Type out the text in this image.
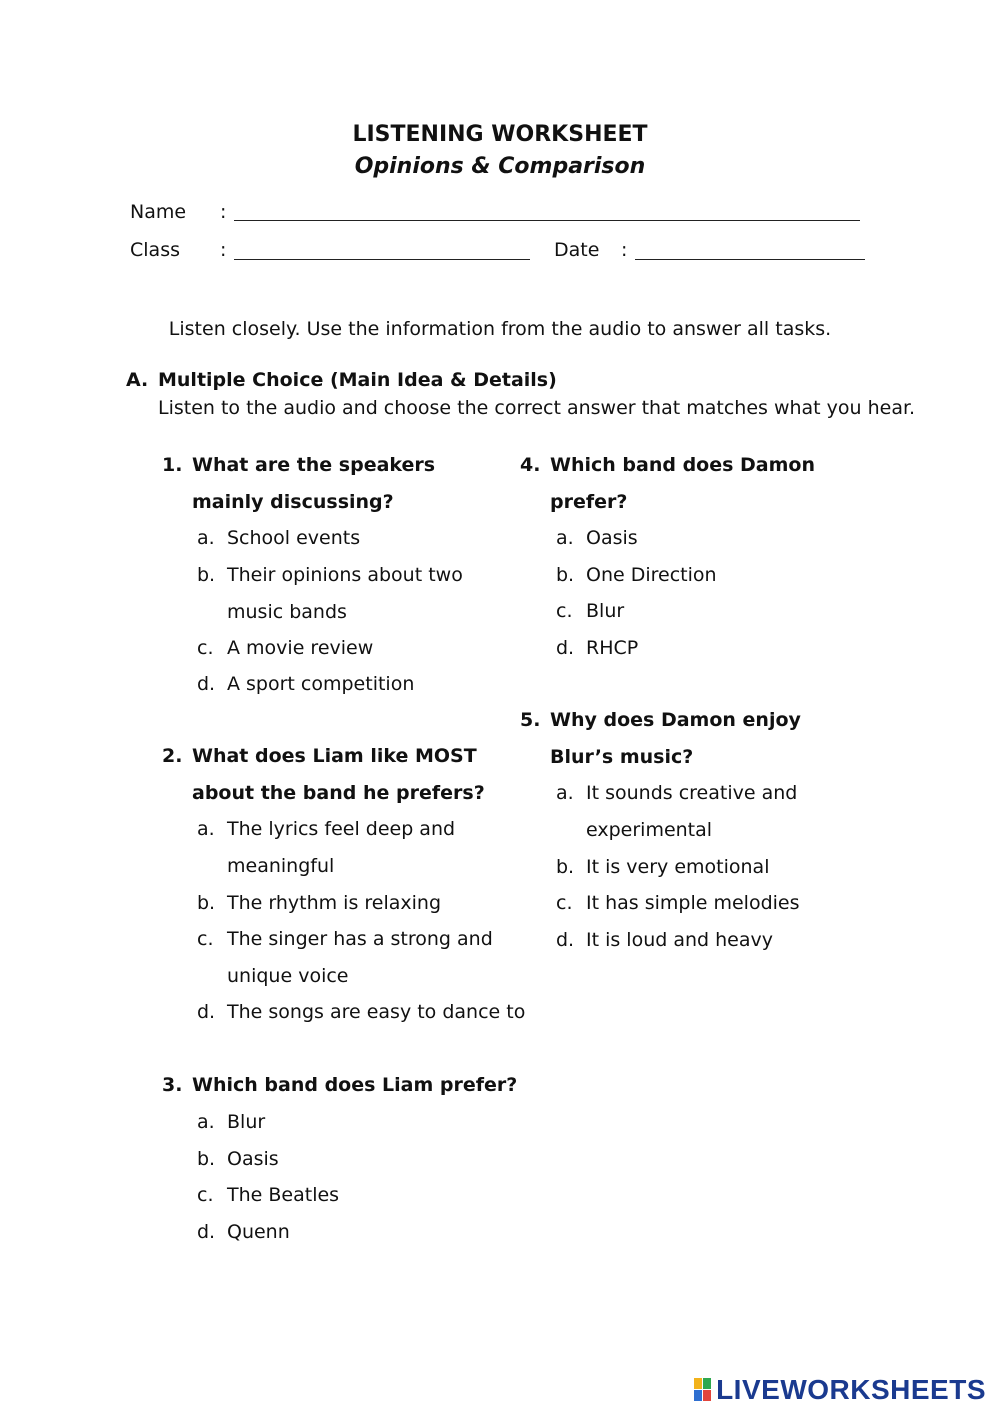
LISTENING WORKSHEET
Opinions & Comparison
Name :
Class :	Date :
Listen closely. Use the information from the audio to answer all tasks.
A. Multiple Choice (Main Idea & Details)
Listen to the audio and choose the correct answer that matches what you hear.
1. What are the speakers mainly discussing?
a. School events
b. Their opinions about two music bands
c. A movie review
d. A sport competition
2. What does Liam like MOST about the band he prefers?
a. The lyrics feel deep and meaningful
b. The rhythm is relaxing
c. The singer has a strong and unique voice
d. The songs are easy to dance to
3. Which band does Liam prefer?
a. Blur
b. Oasis
c. The Beatles
d. Quenn
4. Which band does Damon prefer?
a. Oasis
b. One Direction
c. Blur
d. RHCP
5. Why does Damon enjoy Blur’s music?
a. It sounds creative and experimental
b. It is very emotional
c. It has simple melodies
d. It is loud and heavy
LIVEWORKSHEETS
